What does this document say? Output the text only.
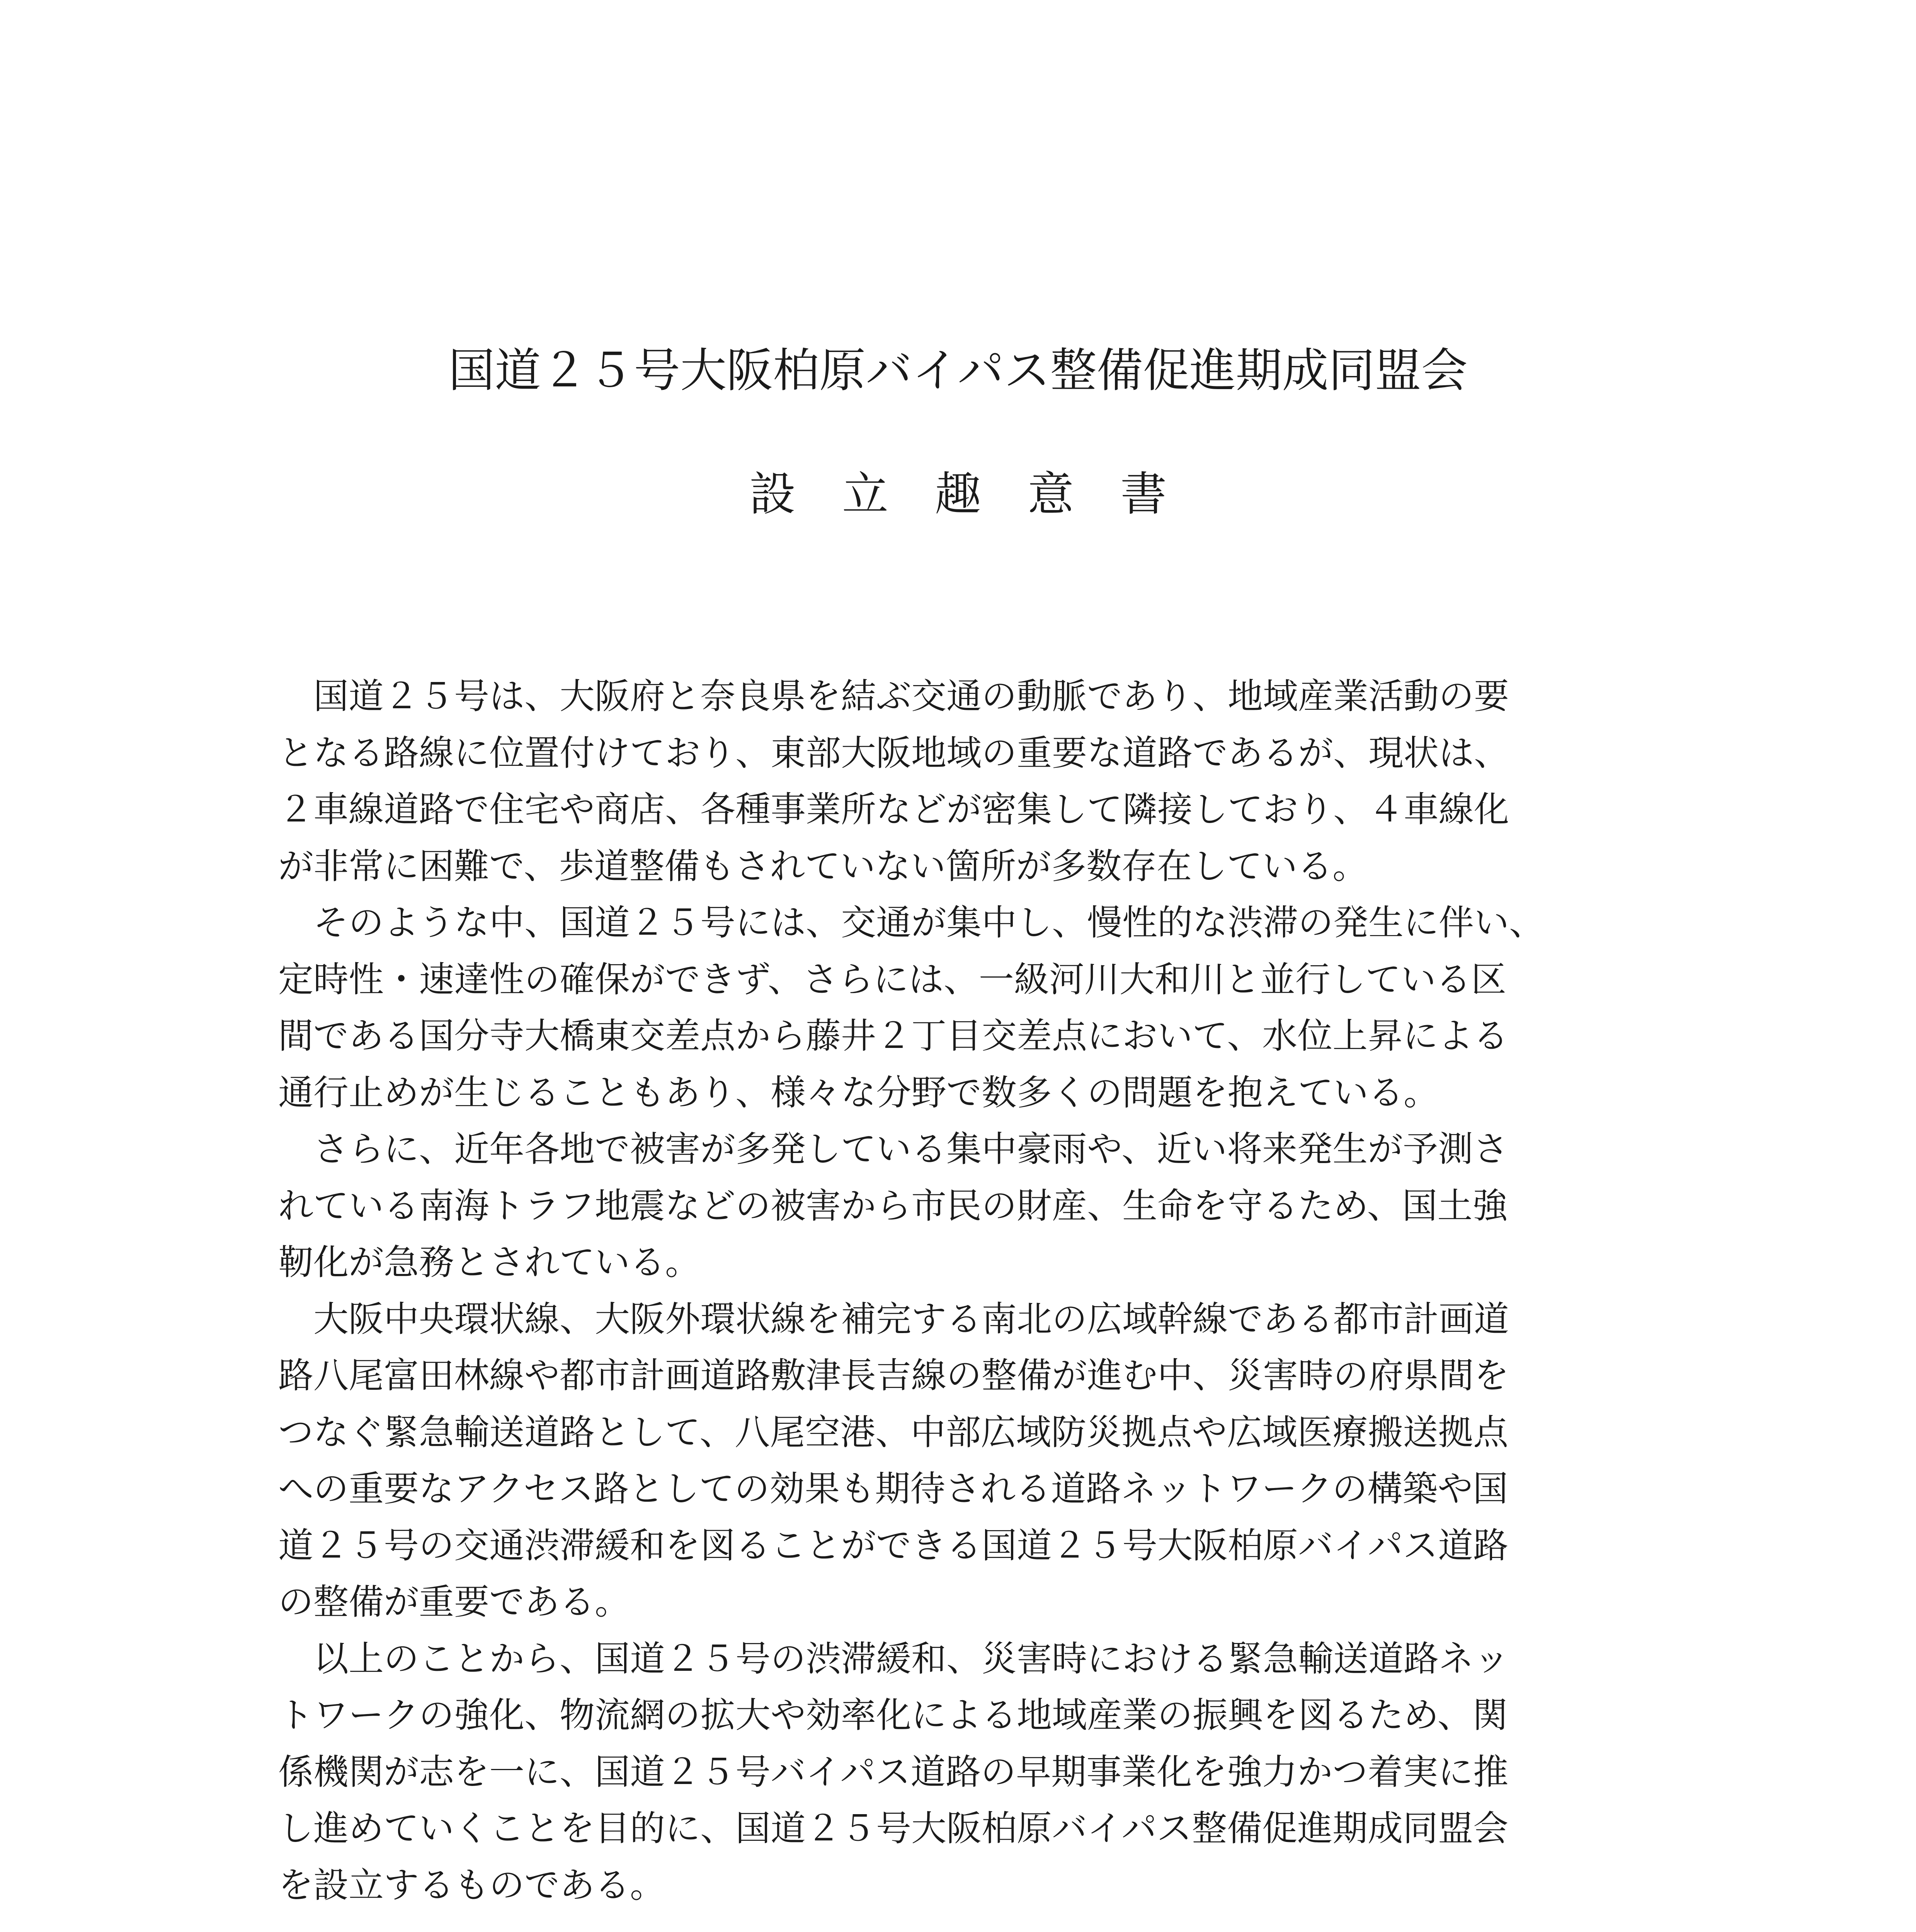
国道２５号大阪柏原バイパス整備促進期成同盟会
設立趣意書
　国道２５号は、大阪府と奈良県を結ぶ交通の動脈であり、地域産業活動の要
となる路線に位置付けており、東部大阪地域の重要な道路であるが、現状は、
２車線道路で住宅や商店、各種事業所などが密集して隣接しており、４車線化
が非常に困難で、歩道整備もされていない箇所が多数存在している。
　そのような中、国道２５号には、交通が集中し、慢性的な渋滞の発生に伴い、
定時性・速達性の確保ができず、さらには、一級河川大和川と並行している区
間である国分寺大橋東交差点から藤井２丁目交差点において、水位上昇による
通行止めが生じることもあり、様々な分野で数多くの問題を抱えている。
　さらに、近年各地で被害が多発している集中豪雨や、近い将来発生が予測さ
れている南海トラフ地震などの被害から市民の財産、生命を守るため、国土強
靭化が急務とされている。
　大阪中央環状線、大阪外環状線を補完する南北の広域幹線である都市計画道
路八尾富田林線や都市計画道路敷津長吉線の整備が進む中、災害時の府県間を
つなぐ緊急輸送道路として、八尾空港、中部広域防災拠点や広域医療搬送拠点
への重要なアクセス路としての効果も期待される道路ネットワークの構築や国
道２５号の交通渋滞緩和を図ることができる国道２５号大阪柏原バイパス道路
の整備が重要である。
　以上のことから、国道２５号の渋滞緩和、災害時における緊急輸送道路ネッ
トワークの強化、物流網の拡大や効率化による地域産業の振興を図るため、関
係機関が志を一に、国道２５号バイパス道路の早期事業化を強力かつ着実に推
し進めていくことを目的に、国道２５号大阪柏原バイパス整備促進期成同盟会
を設立するものである。
